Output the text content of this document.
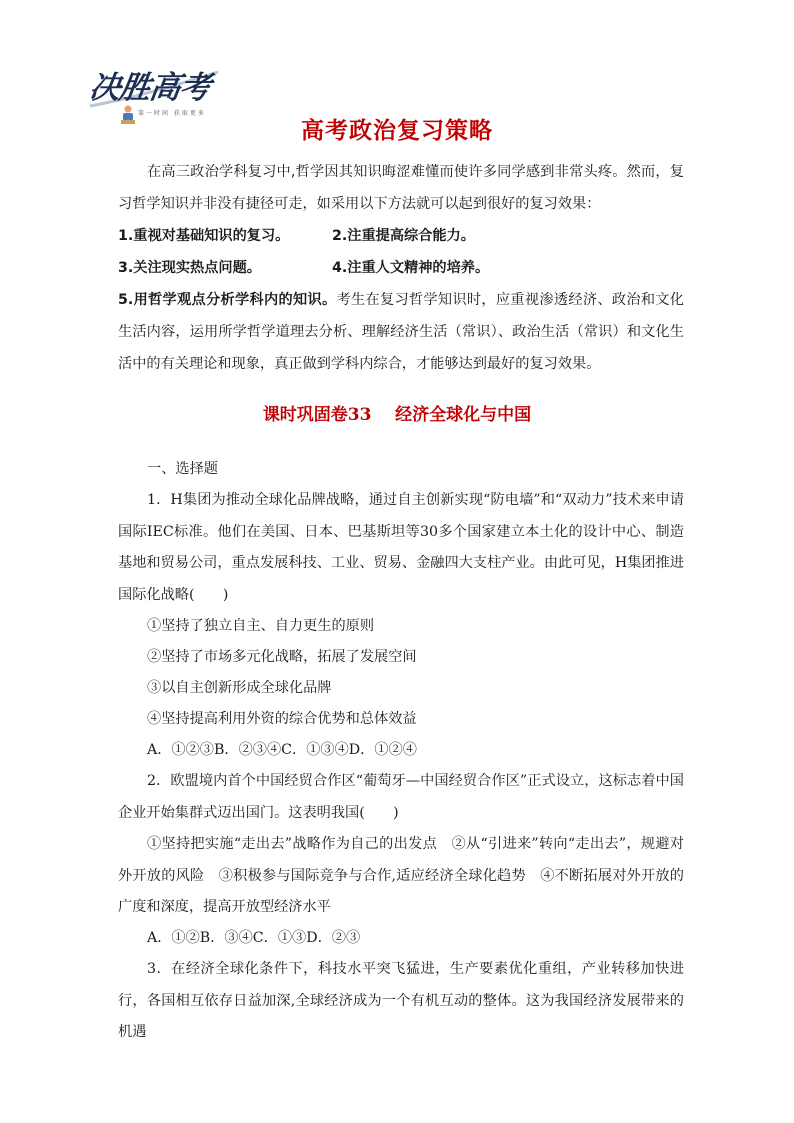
决胜高考
第一时间 获取更多
高考政治复习策略

在高三政治学科复习中,哲学因其知识晦涩难懂而使许多同学感到非常头疼。然而，复习哲学知识并非没有捷径可走，如采用以下方法就可以起到很好的复习效果：

1.重视对基础知识的复习。	2.注重提高综合能力。
3.关注现实热点问题。	4.注重人文精神的培养。

5.用哲学观点分析学科内的知识。考生在复习哲学知识时，应重视渗透经济、政治和文化生活内容，运用所学哲学道理去分析、理解经济生活（常识）、政治生活（常识）和文化生活中的有关理论和现象，真正做到学科内综合，才能够达到最好的复习效果。

课时巩固卷33 经济全球化与中国
一、选择题

1．H集团为推动全球化品牌战略，通过自主创新实现“防电墙”和“双动力”技术来申请国际IEC标准。他们在美国、日本、巴基斯坦等30多个国家建立本土化的设计中心、制造基地和贸易公司，重点发展科技、工业、贸易、金融四大支柱产业。由此可见，H集团推进国际化战略(　　)

①坚持了独立自主、自力更生的原则
②坚持了市场多元化战略，拓展了发展空间
③以自主创新形成全球化品牌
④坚持提高利用外资的综合优势和总体效益
A．①②③B．②③④C．①③④D．①②④

2．欧盟境内首个中国经贸合作区“葡萄牙—中国经贸合作区”正式设立，这标志着中国企业开始集群式迈出国门。这表明我国(　　)

①坚持把实施“走出去”战略作为自己的出发点　②从“引进来”转向“走出去”，规避对外开放的风险　③积极参与国际竞争与合作,适应经济全球化趋势　④不断拓展对外开放的广度和深度，提高开放型经济水平

A．①②B．③④C．①③D．②③

3．在经济全球化条件下，科技水平突飞猛进，生产要素优化重组，产业转移加快进行，各国相互依存日益加深,全球经济成为一个有机互动的整体。这为我国经济发展带来的机遇
